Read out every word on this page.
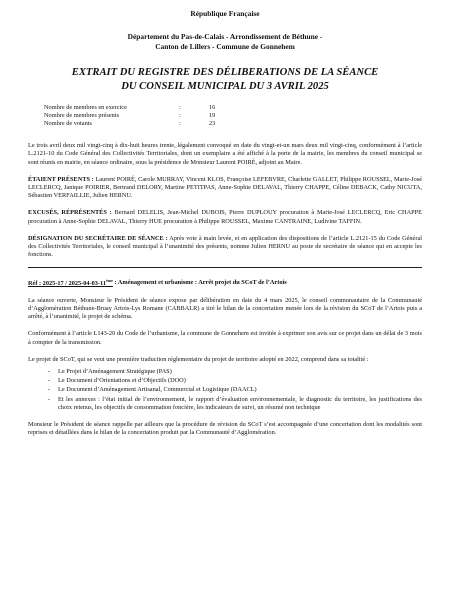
République Française
Département du Pas-de-Calais - Arrondissement de Béthune -
Canton de Lillers - Commune de Gonnehem
EXTRAIT DU REGISTRE DES DÉLIBERATIONS DE LA SÉANCE
DU CONSEIL MUNICIPAL DU 3 AVRIL 2025
Nombre de membres en exercice	:	16
Nombre de membres présents	:	19
Nombre de votants	:	23

Le trois avril deux mil vingt-cinq à dix-huit heures trente, légalement convoqué en date du vingt-et-un mars deux mil vingt-cinq, conformément à l’article L.2121-10 du Code Général des Collectivités Territoriales, dont un exemplaire a été affiché à la porte de la mairie, les membres du conseil municipal se sont réunis en mairie, en séance ordinaire, sous la présidence de Monsieur Laurent POIRÉ, adjoint au Maire.

ÉTAIENT PRÉSENTS : Laurent POIRÉ, Carole MURRAY, Vincent KLOS, Françoise LEFEBVRE, Charlette GALLET, Philippe ROUSSEL, Marie-José LECLERCQ, Janique POIRIER, Bertrand DELORY, Martine PETITPAS, Anne-Sophie DELAVAL, Thierry CHAPPE, Céline DEBACK, Cathy NICUTA, Sébastien VERFAILLIE, Julien HERNU.

EXCUSÉS, RÉPRÉSENTÉS : Bernard DELELIS, Jean-Michel DUBOIS, Pierre DUPLOUY procuration à Marie-José LECLERCQ, Eric CHAPPE procuration à Anne-Sophie DELAVAL, Thierry HUE procuration à Philippe ROUSSEL, Maxime CANTRAINE, Ludivine TAFFIN.

DÉSIGNATION DU SECRÉTAIRE DE SÉANCE : Après vote à main levée, et en application des dispositions de l’article L.2121-15 du Code Général des Collectivités Territoriales, le conseil municipal à l’unanimité des présents, nomme Julien HERNU au poste de secrétaire de séance qui en accepte les fonctions.

Réf : 2025-17 / 2025-04-03-11ème : Aménagement et urbanisme : Arrêt projet du SCoT de l’Artois

La séance ouverte, Monsieur le Président de séance expose par délibération en date du 4 mars 2025, le conseil communautaire de la Communauté d’Agglomération Béthune-Bruay Artois-Lys Romane (CABBALR) a tiré le bilan de la concertation menée lors de la révision du SCoT de l’Artois puis a arrêté, à l’unanimité, le projet de schéma.

Conformément à l’article L143-20 du Code de l’urbanisme, la commune de Gonnehem est invitée à exprimer son avis sur ce projet dans un délai de 3 mois à compter de la transmission.

Le projet de SCoT, qui se veut une première traduction réglementaire du projet de territoire adopté en 2022, comprend dans sa totalité :

- Le Projet d’Aménagement Stratégique (PAS)
- Le Document d’Orientations et d’Objectifs (DOO)
- Le Document d’Aménagement Artisanal, Commercial et Logistique (DAACL)
- Et les annexes : l’état initial de l’environnement, le rapport d’évaluation environnementale, le diagnostic du territoire, les justifications des choix retenus, les objectifs de consommation foncière, les indicateurs de suivi, un résumé non technique

Monsieur le Président de séance rappelle par ailleurs que la procédure de révision du SCoT s’est accompagnée d’une concertation dont les modalités sont reprises et détaillées dans le bilan de la concertation produit par la Communauté d’Agglomération.
